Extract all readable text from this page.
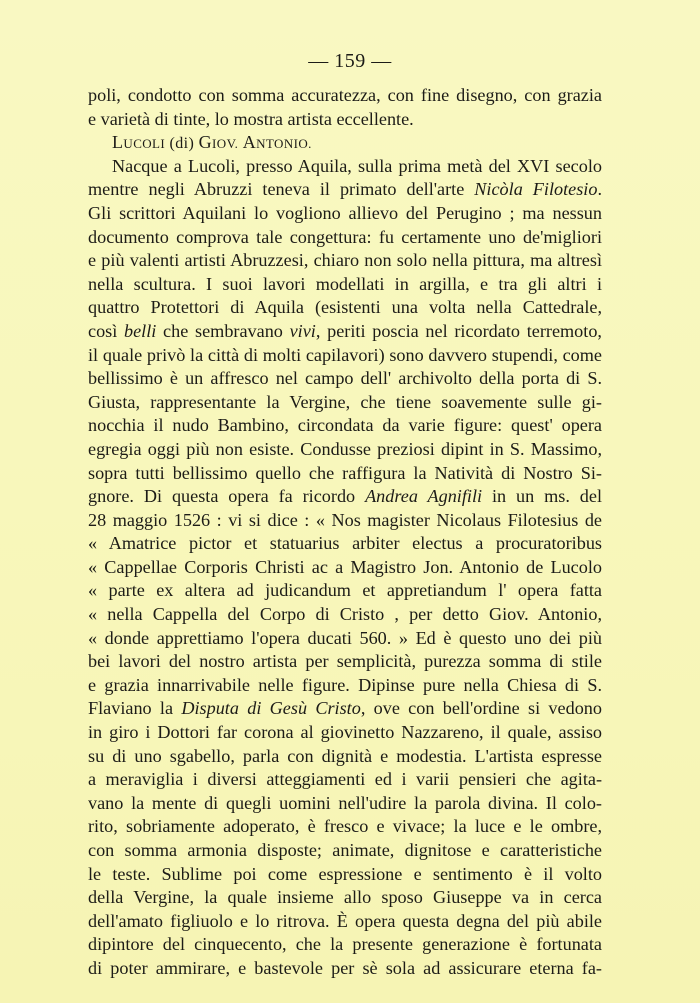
— 159 —
poli, condotto con somma accuratezza, con fine disegno, con grazia
e varietà di tinte, lo mostra artista eccellente.
LUCOLI (di) GIOV. ANTONIO.
Nacque a Lucoli, presso Aquila, sulla prima metà del XVI secolo
mentre negli Abruzzi teneva il primato dell'arte Nicòla Filotesio.
Gli scrittori Aquilani lo vogliono allievo del Perugino ; ma nessun
documento comprova tale congettura: fu certamente uno de'migliori
e più valenti artisti Abruzzesi, chiaro non solo nella pittura, ma altresì
nella scultura. I suoi lavori modellati in argilla, e tra gli altri i
quattro Protettori di Aquila (esistenti una volta nella Cattedrale,
così belli che sembravano vivi, periti poscia nel ricordato terremoto,
il quale privò la città di molti capilavori) sono davvero stupendi, come
bellissimo è un affresco nel campo dell' archivolto della porta di S.
Giusta, rappresentante la Vergine, che tiene soavemente sulle gi-
nocchia il nudo Bambino, circondata da varie figure: quest' opera
egregia oggi più non esiste. Condusse preziosi dipint in S. Massimo,
sopra tutti bellissimo quello che raffigura la Natività di Nostro Si-
gnore. Di questa opera fa ricordo Andrea Agnifili in un ms. del
28 maggio 1526 : vi si dice : « Nos magister Nicolaus Filotesius de
« Amatrice pictor et statuarius arbiter electus a procuratoribus
« Cappellae Corporis Christi ac a Magistro Jon. Antonio de Lucolo
« parte ex altera ad judicandum et appretiandum l' opera fatta
« nella Cappella del Corpo di Cristo , per detto Giov. Antonio,
« donde apprettiamo l'opera ducati 560. » Ed è questo uno dei più
bei lavori del nostro artista per semplicità, purezza somma di stile
e grazia innarrivabile nelle figure. Dipinse pure nella Chiesa di S.
Flaviano la Disputa di Gesù Cristo, ove con bell'ordine si vedono
in giro i Dottori far corona al giovinetto Nazzareno, il quale, assiso
su di uno sgabello, parla con dignità e modestia. L'artista espresse
a meraviglia i diversi atteggiamenti ed i varii pensieri che agita-
vano la mente di quegli uomini nell'udire la parola divina. Il colo-
rito, sobriamente adoperato, è fresco e vivace; la luce e le ombre,
con somma armonia disposte; animate, dignitose e caratteristiche
le teste. Sublime poi come espressione e sentimento è il volto
della Vergine, la quale insieme allo sposo Giuseppe va in cerca
dell'amato figliuolo e lo ritrova. È opera questa degna del più abile
dipintore del cinquecento, che la presente generazione è fortunata
di poter ammirare, e bastevole per sè sola ad assicurare eterna fa-
